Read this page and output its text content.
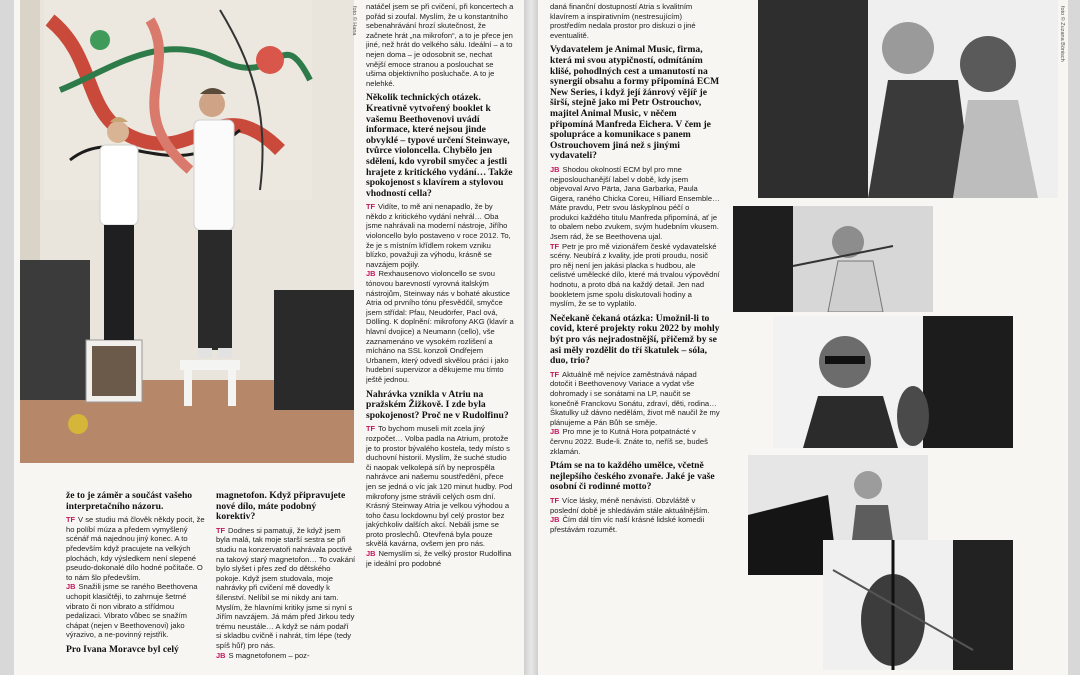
foto © Hana

že to je záměr a součást vašeho interpretačního názoru.

TF V se studiu má člověk někdy pocit, že ho políbí múza a předem vymyšlený scénář má najednou jiný konec. A to především když pracujete na velkých plochách, kdy výsledkem není slepené pseudo-dokonalé dílo hodné počítače. O to nám šlo především.

JB Snažili jsme se raného Beethovena uchopit klasičtěji, to zahrnuje šetrné vibrato či non vibrato a střídmou pedalizaci. Vibrato vůbec se snažím chápat (nejen v Beethovenovi) jako výrazivo, a ne-povinný rejstřík.

Pro Ivana Moravce byl celý

magnetofon. Když připravujete nové dílo, máte podobný korektiv?

TF Dodnes si pamatuji, že když jsem byla malá, tak moje starší sestra se při studiu na konzervatoři nahrávala poctivě na takový starý magnetofon… To cvakání bylo slyšet i přes zeď do dětského pokoje. Když jsem studovala, moje nahrávky při cvičení mě dovedly k šílenství. Nelíbil se mi nikdy ani tam. Myslím, že hlavními kritiky jsme si nyní s Jiřím navzájem. Já mám před Jirkou tedy trému neustále… A když se nám podaří si skladbu cvičně i nahrát, tím lépe (tedy spíš hůř) pro nás.

JB S magnetofonem – poz-

natáčel jsem se při cvičení, při koncertech a pořád si zoufal. Myslím, že u konstantního sebenahrávání hrozí skutečnost, že začnete hrát „na mikrofon“, a to je přece jen jiné, než hrát do velkého sálu. Ideální – a to nejen doma – je odosobnit se, nechat vnější emoce stranou a poslouchat se ušima objektivního posluchače. A to je nelehké.

Několik technických otázek. Kreativně vytvořený booklet k vašemu Beethovenovi uvádí informace, které nejsou jinde obvyklé – typové určení Steinwaye, tvůrce violoncella. Chybělo jen sdělení, kdo vyrobil smyčec a jestli hrajete z kritického vydání… Takže spokojenost s klavírem a stylovou vhodností cella?

TF Vidíte, to mě ani nenapadlo, že by někdo z kritického vydání nehrál… Oba jsme nahrávali na moderní nástroje, Jiřího violoncello bylo postaveno v roce 2012. To, že je s místním křídlem rokem vzniku blízko, považuji za výhodu, krásně se navzájem pojily.

JB Rexhausenovo violoncello se svou tónovou barevností vyrovná italským nástrojům, Steinway nás v bohaté akustice Atria od prvního tónu přesvědčil, smyčce jsem střídal: Pfau, Neudörfer, Pacl ová, Dölling. K doplnění: mikrofony AKG (klavír a hlavní dvojice) a Neumann (cello), vše zaznamenáno ve vysokém rozlišení a mícháno na SSL konzoli Ondřejem Urbanem, který odvedl skvělou práci i jako hudební supervizor a děkujeme mu tímto ještě jednou.

Nahrávka vznikla v Atriu na pražském Žižkově. I zde byla spokojenost? Proč ne v Rudolfinu?

TF To bychom museli mít zcela jiný rozpočet… Volba padla na Atrium, protože je to prostor bývalého kostela, tedy místo s duchovní historií. Myslím, že suché studio či naopak velkolepá síň by neprospěla nahrávce ani našemu soustředění, přece jen se jedná o víc jak 120 minut hudby. Pod mikrofony jsme strávili celých osm dní. Krásný Steinway Atria je velkou výhodou a toho času lockdownu byl celý prostor bez jakýchkoliv dalších akcí. Nebáli jsme se proto proslechů. Otevřená byla pouze skvělá kavárna, ovšem jen pro nás.

JB Nemyslím si, že velký prostor Rudolfina je ideální pro podobné

daná finanční dostupností Atria s kvalitním klavírem a inspirativním (nestresujícím) prostředím nedala prostor pro diskuzi o jiné eventualitě.

Vydavatelem je Animal Music, firma, která mi svou atypičností, odmítáním klišé, pohodlných cest a umanutostí na synergii obsahu a formy připomíná ECM New Series, i když její žánrový vějíř je širší, stejně jako mi Petr Ostrouchov, majitel Animal Music, v něčem připomíná Manfreda Eichera. V čem je spolupráce a komunikace s panem Ostrouchovem jiná než s jinými vydavateli?

JB Shodou okolností ECM byl pro mne nejposlouchanější label v době, kdy jsem objevoval Arvo Pärta, Jana Garbarka, Paula Gigera, raného Chicka Coreu, Hilliard Ensemble… Máte pravdu, Petr svou láskyplnou péčí o produkci každého titulu Manfreda připomíná, ať je to obalem nebo zvukem, svým hudebním vkusem. Jsem rád, že se Beethovena ujal.

TF Petr je pro mě vizionářem české vydavatelské scény. Neubírá z kvality, jde proti proudu, nosič pro něj není jen jakási placka s hudbou, ale celistvé umělecké dílo, které má trvalou výpovědní hodnotu, a proto dbá na každý detail. Jen nad bookletem jsme spolu diskutovali hodiny a myslím, že se to vyplatilo.

Nečekaně čekaná otázka: Umožnil-li to covid, které projekty roku 2022 by mohly být pro vás nejradostnější, přičemž by se asi měly rozdělit do tří škatulek – sóla, duo, trio?

TF Aktuálně mě nejvíce zaměstnává nápad dotočit i Beethovenovy Variace a vydat vše dohromady i se sonátami na LP, naučit se konečně Franckovu Sonátu, zdraví, děti, rodina… Škatulky už dávno nedělám, život mě naučil že my plánujeme a Pán Bůh se směje.

JB Pro mne je to Kutná Hora potpatnácté v červnu 2022. Bude-li. Znáte to, neříš se, budeš zklamán.

Ptám se na to každého umělce, včetně nejlepšího českého zvonaře. Jaké je vaše osobní či rodinné motto?

TF Více lásky, méně nenávisti. Obzvláště v poslední době je shledávám stále aktuálnějším.

JB Čím dál tím víc naší krásné lidské komedii přestávám rozumět.

foto © Zuzana Bönisch
